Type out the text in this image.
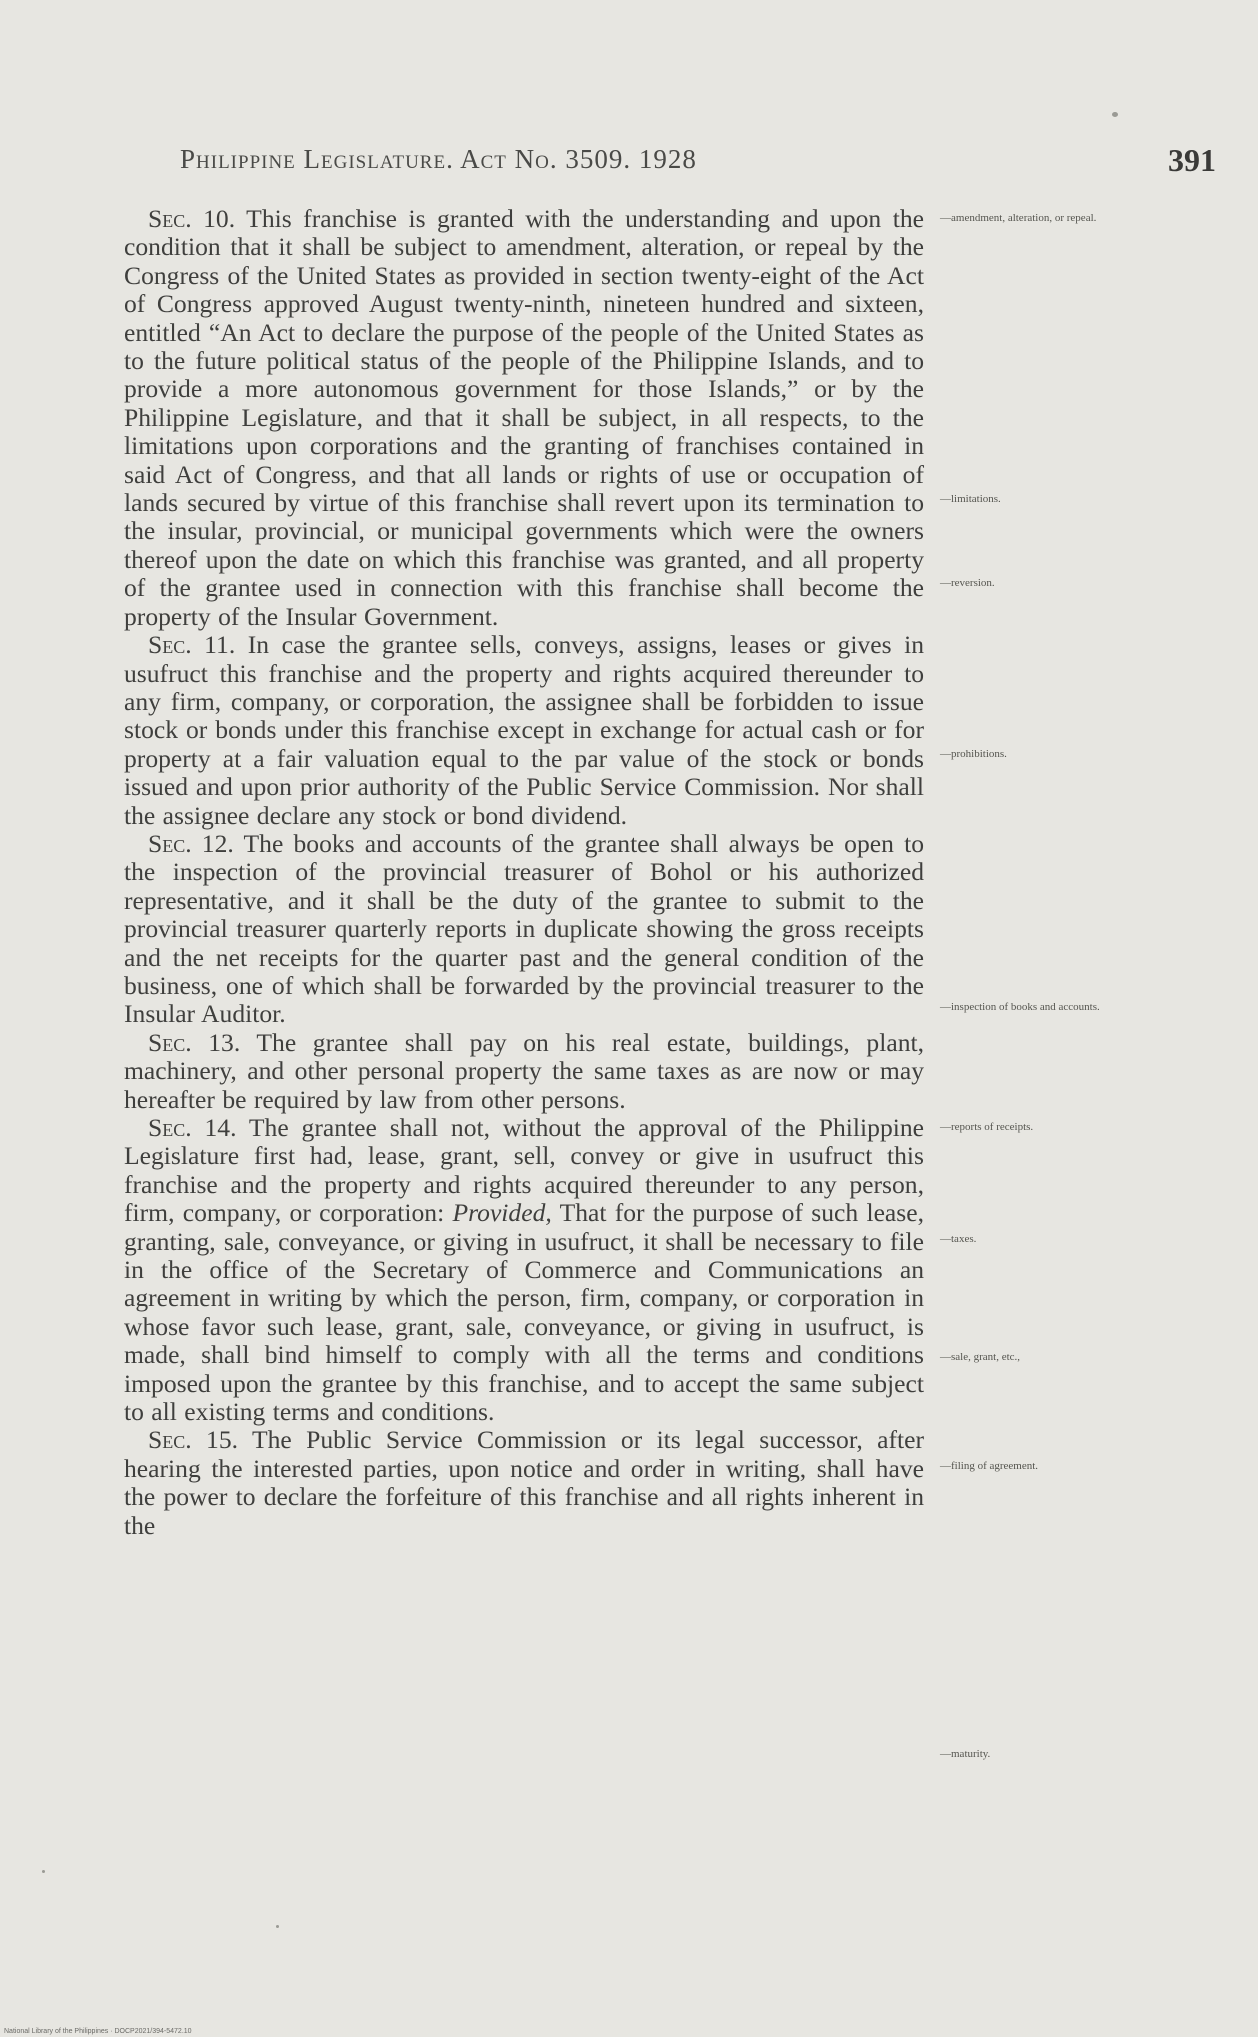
Philippine Legislature. Act No. 3509. 1928	391

Sec. 10. This franchise is granted with the understanding and upon the condition that it shall be subject to amendment, alteration, or repeal by the Congress of the United States as provided in section twenty-eight of the Act of Congress approved August twenty-ninth, nineteen hundred and sixteen, entitled “An Act to declare the purpose of the people of the United States as to the future political status of the people of the Philippine Islands, and to provide a more autonomous government for those Islands,” or by the Philippine Legislature, and that it shall be subject, in all respects, to the limitations upon corporations and the granting of franchises contained in said Act of Congress, and that all lands or rights of use or occupation of lands secured by virtue of this franchise shall revert upon its termination to the insular, provincial, or municipal governments which were the owners thereof upon the date on which this franchise was granted, and all property of the grantee used in connection with this franchise shall become the property of the Insular Government.

Sec. 11. In case the grantee sells, conveys, assigns, leases or gives in usufruct this franchise and the property and rights acquired thereunder to any firm, company, or corporation, the assignee shall be forbidden to issue stock or bonds under this franchise except in exchange for actual cash or for property at a fair valuation equal to the par value of the stock or bonds issued and upon prior authority of the Public Service Commission. Nor shall the assignee declare any stock or bond dividend.

Sec. 12. The books and accounts of the grantee shall always be open to the inspection of the provincial treasurer of Bohol or his authorized representative, and it shall be the duty of the grantee to submit to the provincial treasurer quarterly reports in duplicate showing the gross receipts and the net receipts for the quarter past and the general condition of the business, one of which shall be forwarded by the provincial treasurer to the Insular Auditor.

Sec. 13. The grantee shall pay on his real estate, buildings, plant, machinery, and other personal property the same taxes as are now or may hereafter be required by law from other persons.

Sec. 14. The grantee shall not, without the approval of the Philippine Legislature first had, lease, grant, sell, convey or give in usufruct this franchise and the property and rights acquired thereunder to any person, firm, company, or corporation: Provided, That for the purpose of such lease, granting, sale, conveyance, or giving in usufruct, it shall be necessary to file in the office of the Secretary of Commerce and Communications an agreement in writing by which the person, firm, company, or corporation in whose favor such lease, grant, sale, conveyance, or giving in usufruct, is made, shall bind himself to comply with all the terms and conditions imposed upon the grantee by this franchise, and to accept the same subject to all existing terms and conditions.

Sec. 15. The Public Service Commission or its legal successor, after hearing the interested parties, upon notice and order in writing, shall have the power to declare the forfeiture of this franchise and all rights inherent in the

—amendment, alteration, or repeal.
—limitations.
—reversion.
—prohibitions.
—inspection of books and accounts.
—reports of receipts.
—taxes.
—sale, grant, etc.,
—filing of agreement.
—maturity.
National Library of the Philippines · DOCP2021/394-5472.10
